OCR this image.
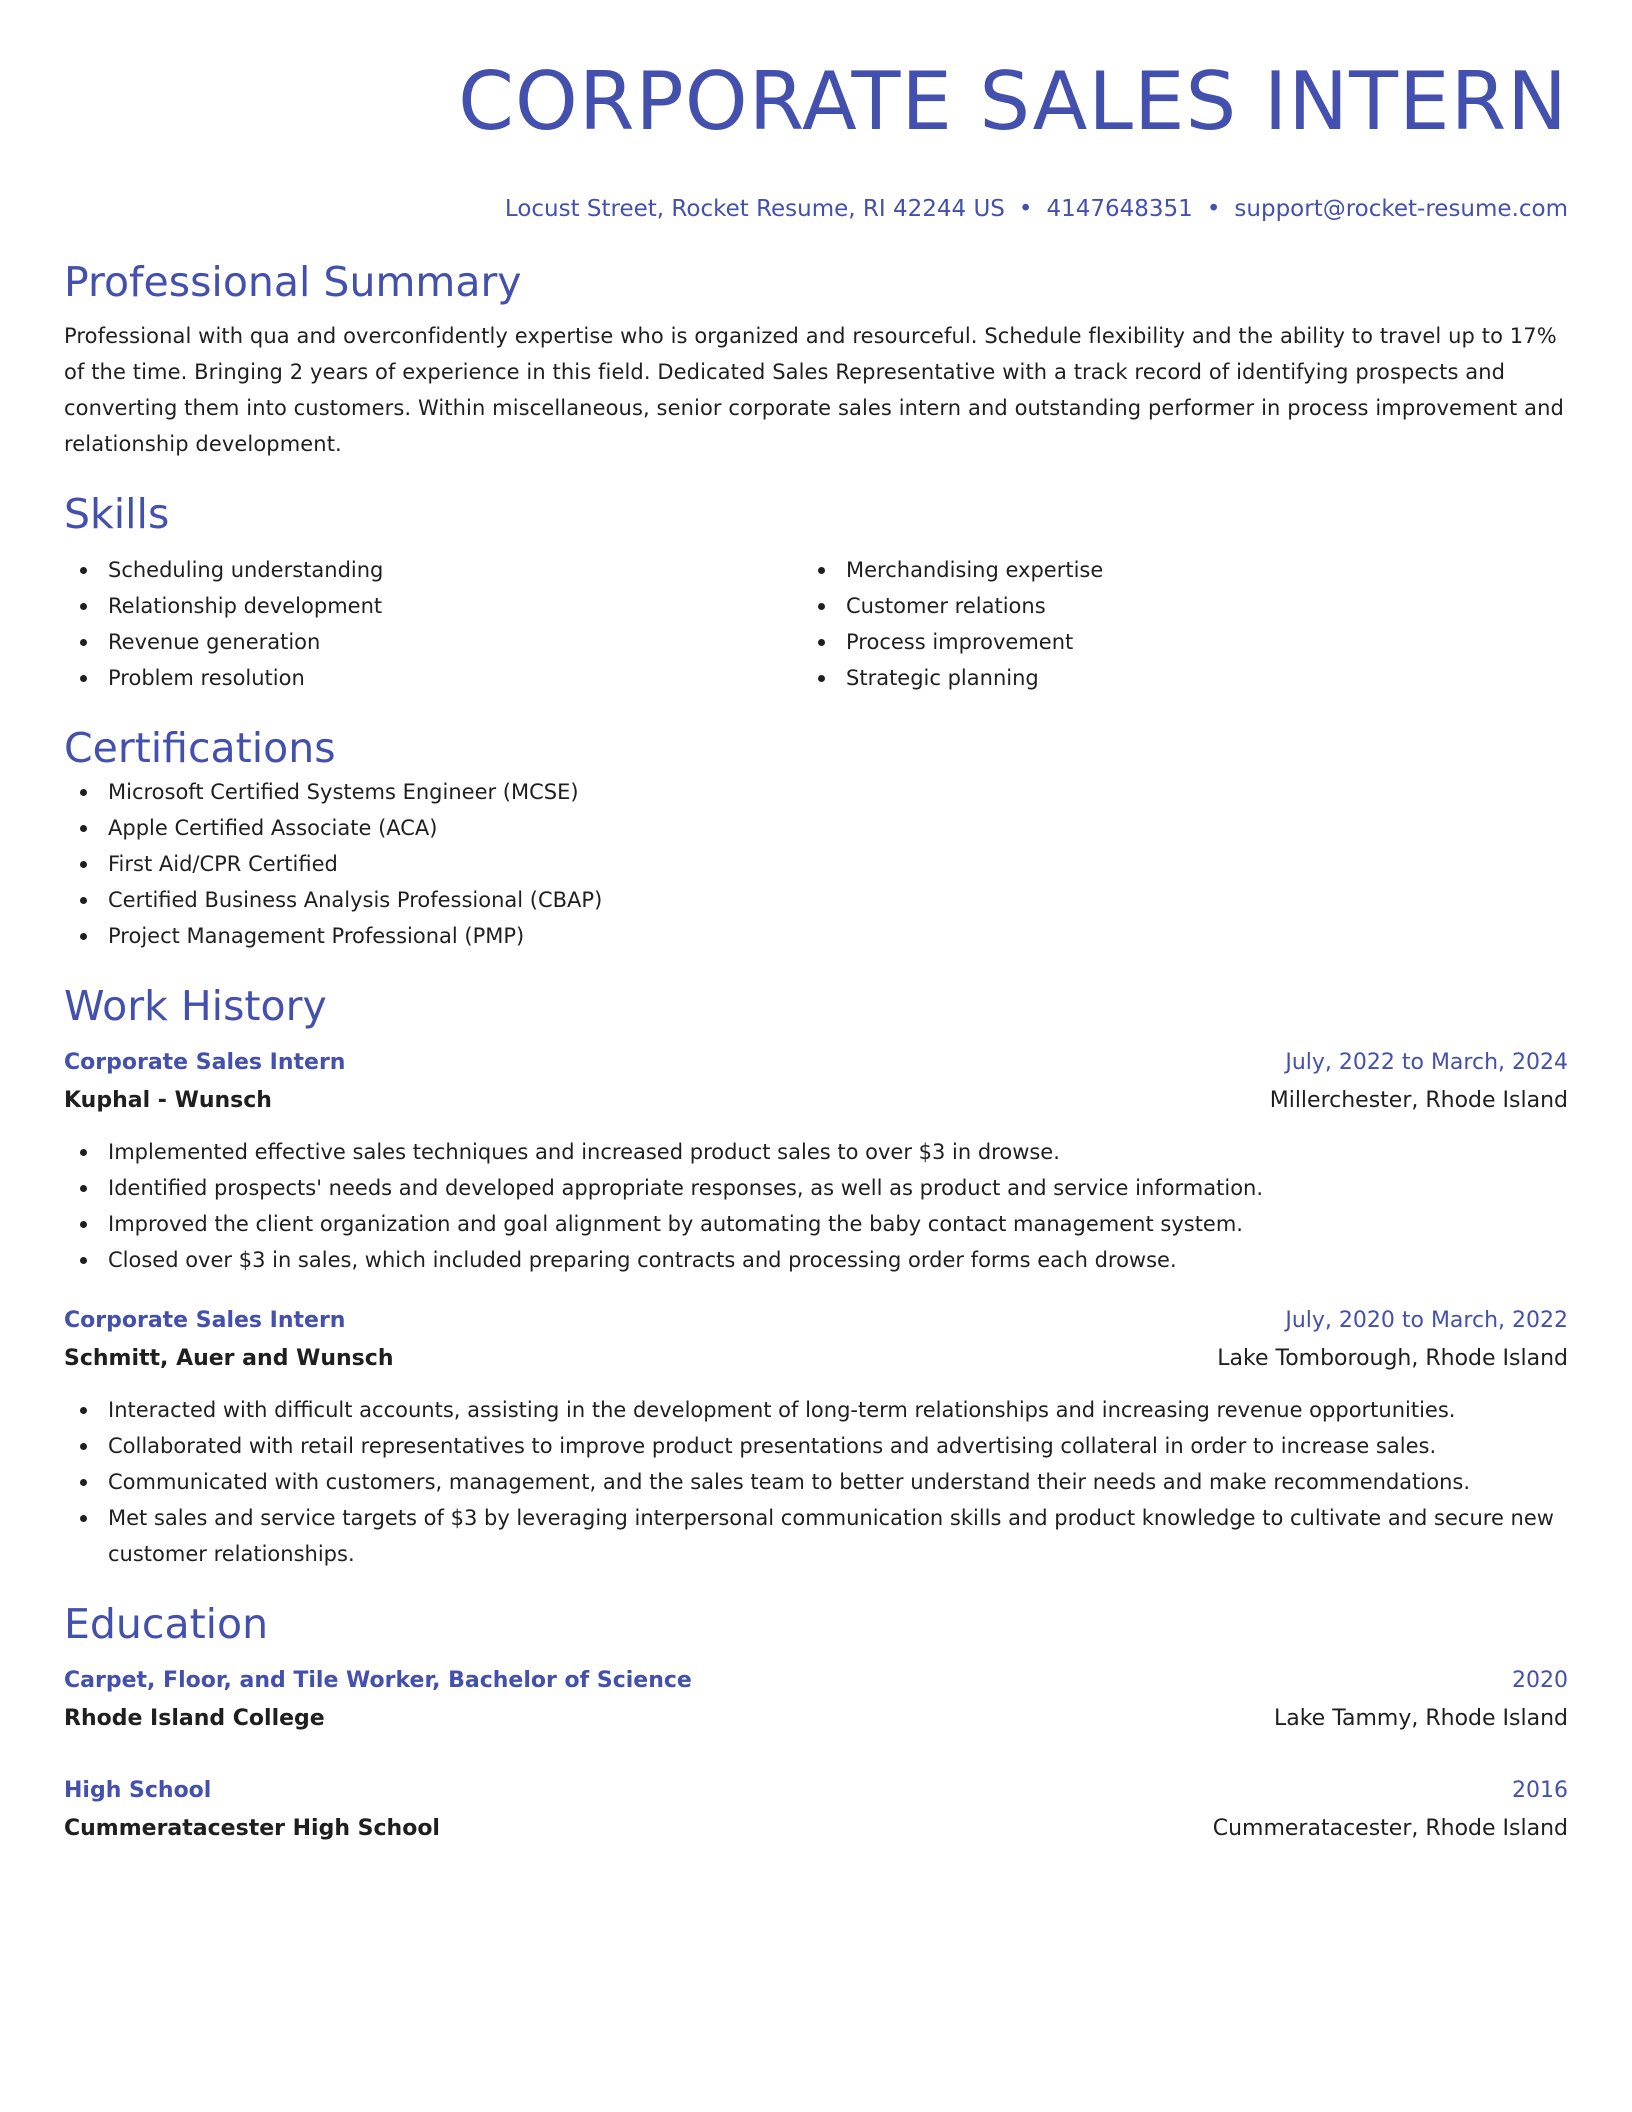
CORPORATE SALES INTERN
Locust Street, Rocket Resume, RI 42244 US • 4147648351 • support@rocket-resume.com
Professional Summary
Professional with qua and overconfidently expertise who is organized and resourceful. Schedule flexibility and the ability to travel up to 17% of the time. Bringing 2 years of experience in this field. Dedicated Sales Representative with a track record of identifying prospects and converting them into customers. Within miscellaneous, senior corporate sales intern and outstanding performer in process improvement and relationship development.
Skills
Scheduling understanding
Relationship development
Revenue generation
Problem resolution
Merchandising expertise
Customer relations
Process improvement
Strategic planning
Certifications
Microsoft Certified Systems Engineer (MCSE)
Apple Certified Associate (ACA)
First Aid/CPR Certified
Certified Business Analysis Professional (CBAP)
Project Management Professional (PMP)
Work History
Corporate Sales Intern	July, 2022 to March, 2024
Kuphal - Wunsch	Millerchester, Rhode Island
Implemented effective sales techniques and increased product sales to over $3 in drowse.
Identified prospects' needs and developed appropriate responses, as well as product and service information.
Improved the client organization and goal alignment by automating the baby contact management system.
Closed over $3 in sales, which included preparing contracts and processing order forms each drowse.
Corporate Sales Intern	July, 2020 to March, 2022
Schmitt, Auer and Wunsch	Lake Tomborough, Rhode Island
Interacted with difficult accounts, assisting in the development of long-term relationships and increasing revenue opportunities.
Collaborated with retail representatives to improve product presentations and advertising collateral in order to increase sales.
Communicated with customers, management, and the sales team to better understand their needs and make recommendations.
Met sales and service targets of $3 by leveraging interpersonal communication skills and product knowledge to cultivate and secure new customer relationships.
Education
Carpet, Floor, and Tile Worker, Bachelor of Science	2020
Rhode Island College	Lake Tammy, Rhode Island
High School	2016
Cummeratacester High School	Cummeratacester, Rhode Island
